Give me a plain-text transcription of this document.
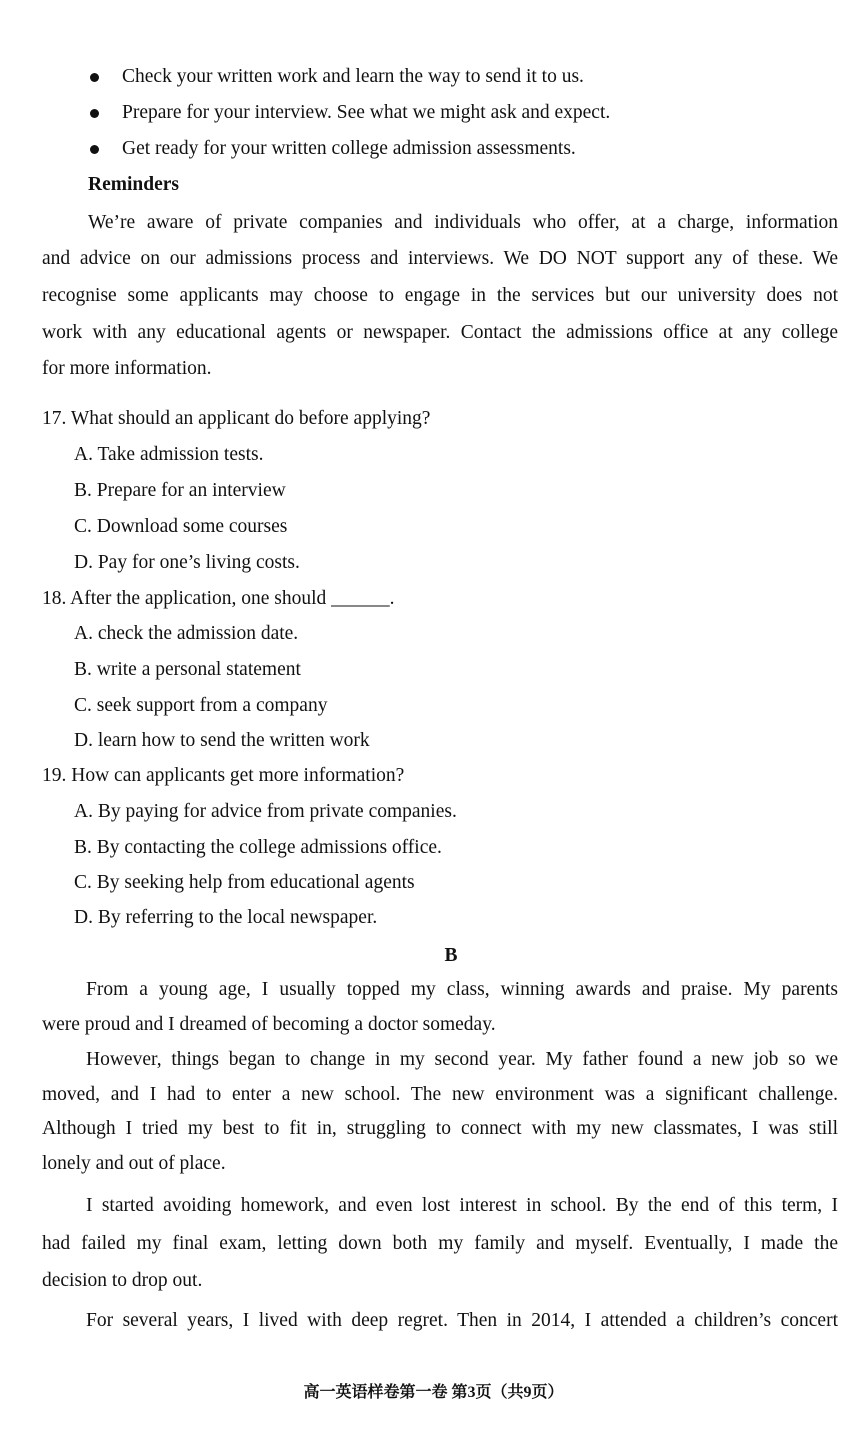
Check your written work and learn the way to send it to us.
Prepare for your interview. See what we might ask and expect.
Get ready for your written college admission assessments.
Reminders
We’re aware of private companies and individuals who offer, at a charge, information
and advice on our admissions process and interviews. We DO NOT support any of these. We
recognise some applicants may choose to engage in the services but our university does not
work with any educational agents or newspaper. Contact the admissions office at any college
for more information.
17. What should an applicant do before applying?
A. Take admission tests.
B. Prepare for an interview
C. Download some courses
D. Pay for one’s living costs.
18. After the application, one should ______.
A. check the admission date.
B. write a personal statement
C. seek support from a company
D. learn how to send the written work
19. How can applicants get more information?
A. By paying for advice from private companies.
B. By contacting the college admissions office.
C. By seeking help from educational agents
D. By referring to the local newspaper.
B
From a young age, I usually topped my class, winning awards and praise. My parents
were proud and I dreamed of becoming a doctor someday.
However, things began to change in my second year. My father found a new job so we
moved, and I had to enter a new school. The new environment was a significant challenge.
Although I tried my best to fit in, struggling to connect with my new classmates, I was still
lonely and out of place.
I started avoiding homework, and even lost interest in school. By the end of this term, I
had failed my final exam, letting down both my family and myself. Eventually, I made the
decision to drop out.
For several years, I lived with deep regret. Then in 2014, I attended a children’s concert
高一英语样卷第一卷 第3页（共9页）
